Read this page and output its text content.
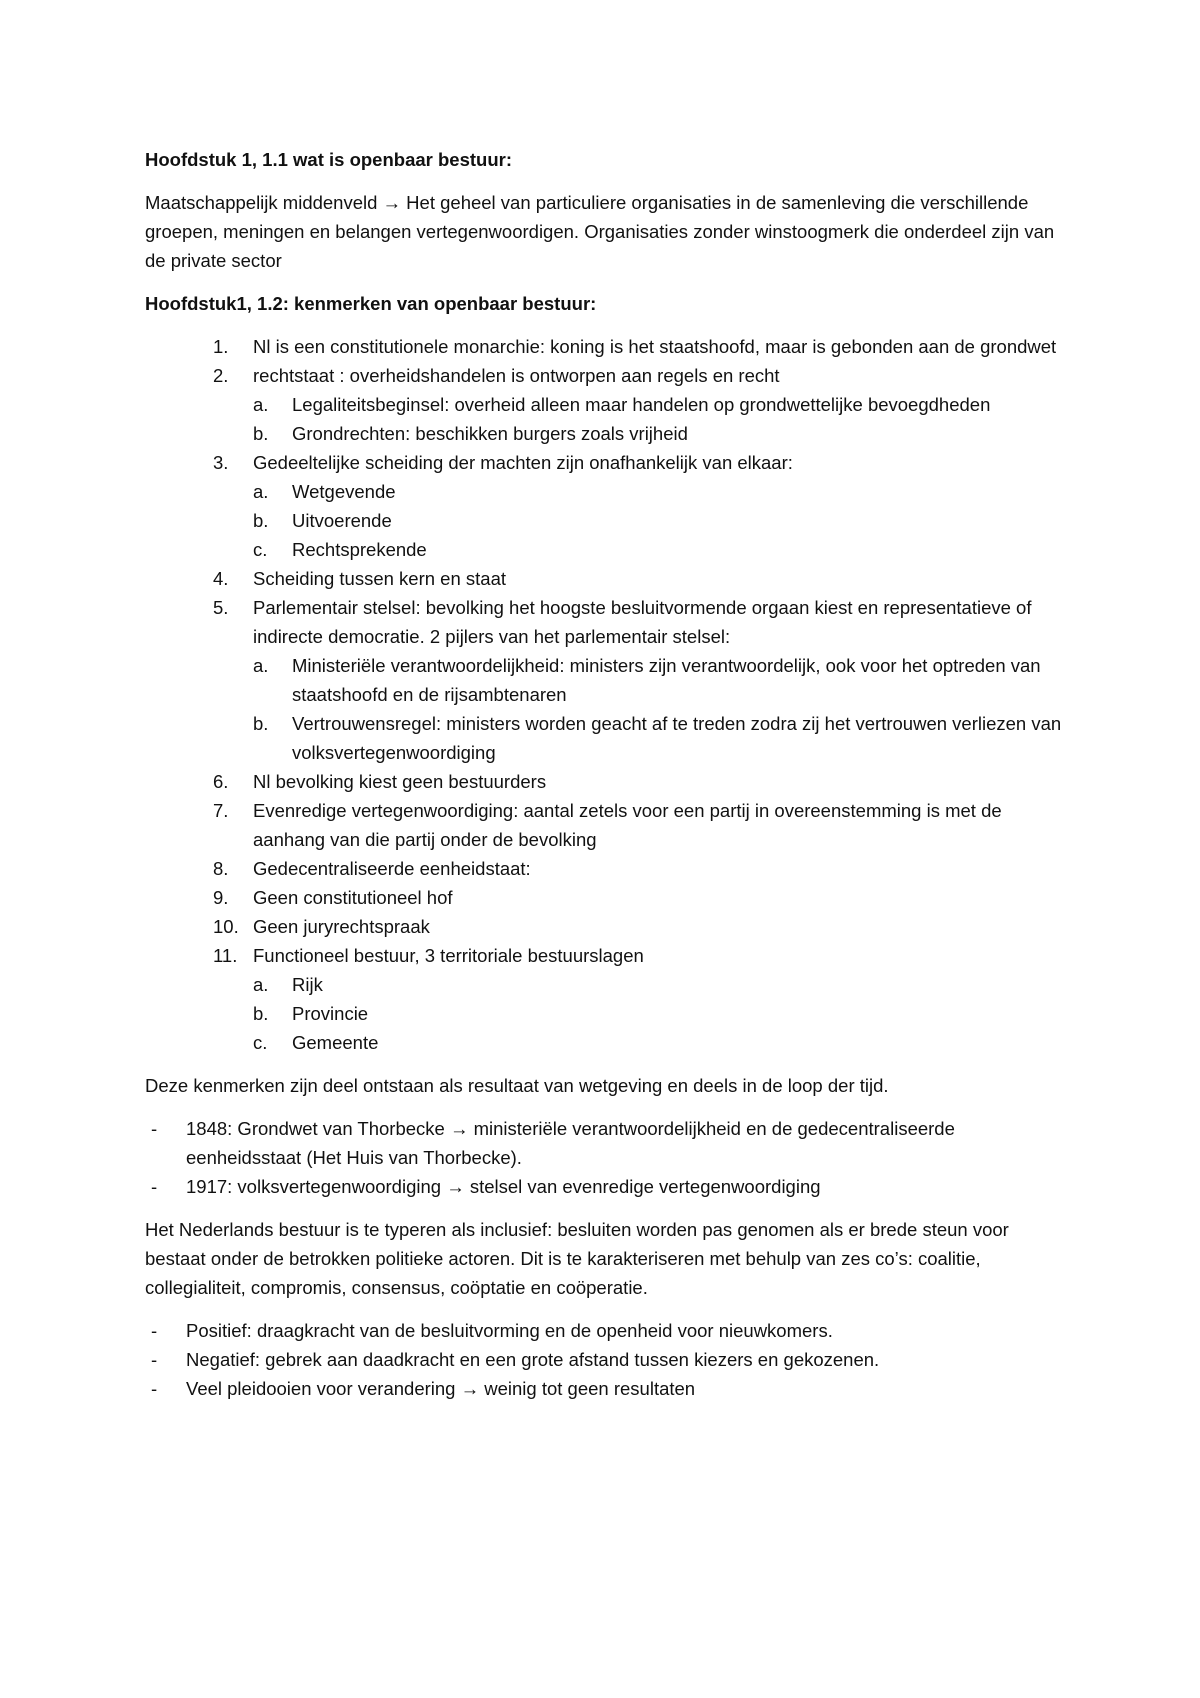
Hoofdstuk 1, 1.1 wat is openbaar bestuur:

Maatschappelijk middenveld → Het geheel van particuliere organisaties in de samenleving die verschillende groepen, meningen en belangen vertegenwoordigen. Organisaties zonder winstoogmerk die onderdeel zijn van de private sector

Hoofdstuk1, 1.2: kenmerken van openbaar bestuur:

1. Nl is een constitutionele monarchie: koning is het staatshoofd, maar is gebonden aan de grondwet
2. rechtstaat : overheidshandelen is ontworpen aan regels en recht
a. Legaliteitsbeginsel: overheid alleen maar handelen op grondwettelijke bevoegdheden
b. Grondrechten: beschikken burgers zoals vrijheid
3. Gedeeltelijke scheiding der machten zijn onafhankelijk van elkaar:
a. Wetgevende
b. Uitvoerende
c. Rechtsprekende
4. Scheiding tussen kern en staat
5. Parlementair stelsel: bevolking het hoogste besluitvormende orgaan kiest en representatieve of indirecte democratie. 2 pijlers van het parlementair stelsel:
a. Ministeriële verantwoordelijkheid: ministers zijn verantwoordelijk, ook voor het optreden van staatshoofd en de rijsambtenaren
b. Vertrouwensregel: ministers worden geacht af te treden zodra zij het vertrouwen verliezen van volksvertegenwoordiging
6. Nl bevolking kiest geen bestuurders
7. Evenredige vertegenwoordiging: aantal zetels voor een partij in overeenstemming is met de aanhang van die partij onder de bevolking
8. Gedecentraliseerde eenheidstaat:
9. Geen constitutioneel hof
10. Geen juryrechtspraak
11. Functioneel bestuur, 3 territoriale bestuurslagen
a. Rijk
b. Provincie
c. Gemeente

Deze kenmerken zijn deel ontstaan als resultaat van wetgeving en deels in de loop der tijd.

- 1848: Grondwet van Thorbecke → ministeriële verantwoordelijkheid en de gedecentraliseerde eenheidsstaat (Het Huis van Thorbecke).
- 1917: volksvertegenwoordiging → stelsel van evenredige vertegenwoordiging

Het Nederlands bestuur is te typeren als inclusief: besluiten worden pas genomen als er brede steun voor bestaat onder de betrokken politieke actoren. Dit is te karakteriseren met behulp van zes co’s: coalitie, collegialiteit, compromis, consensus, coöptatie en coöperatie.

- Positief: draagkracht van de besluitvorming en de openheid voor nieuwkomers.
- Negatief: gebrek aan daadkracht en een grote afstand tussen kiezers en gekozenen.
- Veel pleidooien voor verandering → weinig tot geen resultaten
